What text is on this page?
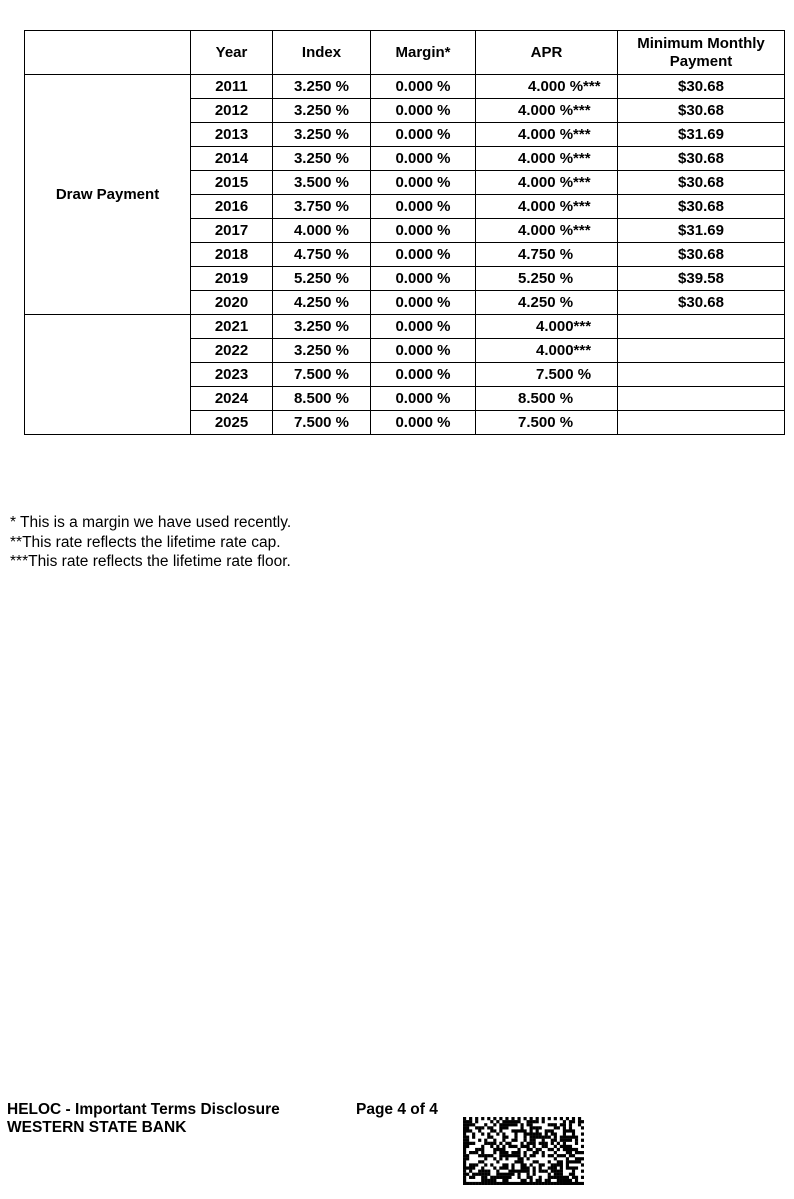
	Year	Index	Margin*	APR	Minimum Monthly
Payment
Draw Payment	2011	3.250 %	0.000 %	4.000 %***	$30.68
	2012	3.250 %	0.000 %	4.000 %***	$30.68
	2013	3.250 %	0.000 %	4.000 %***	$31.69
	2014	3.250 %	0.000 %	4.000 %***	$30.68
	2015	3.500 %	0.000 %	4.000 %***	$30.68
	2016	3.750 %	0.000 %	4.000 %***	$30.68
	2017	4.000 %	0.000 %	4.000 %***	$31.69
	2018	4.750 %	0.000 %	4.750 %	$30.68
	2019	5.250 %	0.000 %	5.250 %	$39.58
	2020	4.250 %	0.000 %	4.250 %	$30.68
	2021	3.250 %	0.000 %	4.000***	
	2022	3.250 %	0.000 %	4.000***	
	2023	7.500 %	0.000 %	7.500 %	
	2024	8.500 %	0.000 %	8.500 %	
	2025	7.500 %	0.000 %	7.500 %	
* This is a margin we have used recently.
**This rate reflects the lifetime rate cap.
***This rate reflects the lifetime rate floor.
HELOC - Important Terms Disclosure
WESTERN STATE BANK
Page 4 of 4
